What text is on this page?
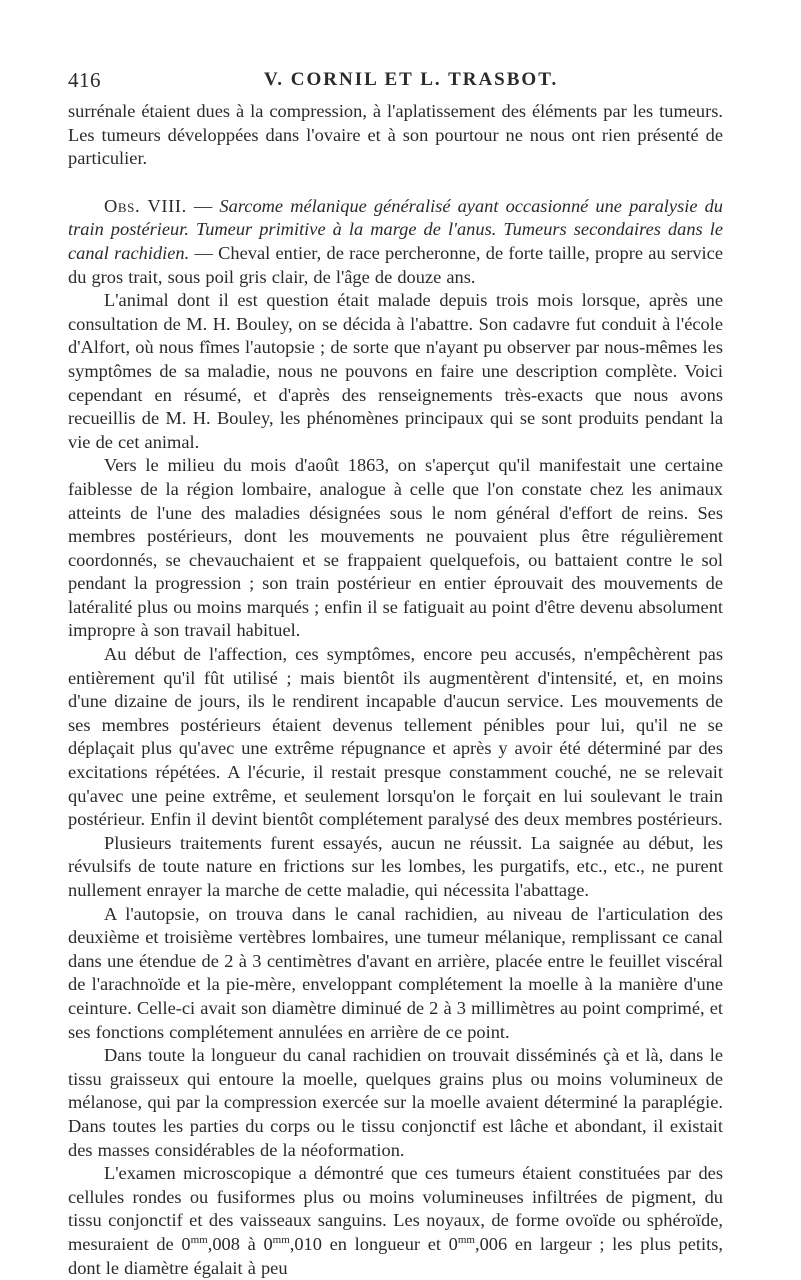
416	V. CORNIL ET L. TRASBOT.

surrénale étaient dues à la compression, à l'aplatissement des éléments par les tumeurs. Les tumeurs développées dans l'ovaire et à son pourtour ne nous ont rien présenté de particulier.

Obs. VIII. — Sarcome mélanique généralisé ayant occasionné une paralysie du train postérieur. Tumeur primitive à la marge de l'anus. Tumeurs secondaires dans le canal rachidien. — Cheval entier, de race percheronne, de forte taille, propre au service du gros trait, sous poil gris clair, de l'âge de douze ans.

L'animal dont il est question était malade depuis trois mois lorsque, après une consultation de M. H. Bouley, on se décida à l'abattre. Son cadavre fut conduit à l'école d'Alfort, où nous fîmes l'autopsie ; de sorte que n'ayant pu observer par nous-mêmes les symptômes de sa maladie, nous ne pouvons en faire une description complète. Voici cependant en résumé, et d'après des renseignements très-exacts que nous avons recueillis de M. H. Bouley, les phénomènes principaux qui se sont produits pendant la vie de cet animal.

Vers le milieu du mois d'août 1863, on s'aperçut qu'il manifestait une certaine faiblesse de la région lombaire, analogue à celle que l'on constate chez les animaux atteints de l'une des maladies désignées sous le nom général d'effort de reins. Ses membres postérieurs, dont les mouvements ne pouvaient plus être régulièrement coordonnés, se chevauchaient et se frappaient quelquefois, ou battaient contre le sol pendant la progression ; son train postérieur en entier éprouvait des mouvements de latéralité plus ou moins marqués ; enfin il se fatiguait au point d'être devenu absolument impropre à son travail habituel.

Au début de l'affection, ces symptômes, encore peu accusés, n'empêchèrent pas entièrement qu'il fût utilisé ; mais bientôt ils augmentèrent d'intensité, et, en moins d'une dizaine de jours, ils le rendirent incapable d'aucun service. Les mouvements de ses membres postérieurs étaient devenus tellement pénibles pour lui, qu'il ne se déplaçait plus qu'avec une extrême répugnance et après y avoir été déterminé par des excitations répétées. A l'écurie, il restait presque constamment couché, ne se relevait qu'avec une peine extrême, et seulement lorsqu'on le forçait en lui soulevant le train postérieur. Enfin il devint bientôt complétement paralysé des deux membres postérieurs.

Plusieurs traitements furent essayés, aucun ne réussit. La saignée au début, les révulsifs de toute nature en frictions sur les lombes, les purgatifs, etc., etc., ne purent nullement enrayer la marche de cette maladie, qui nécessita l'abattage.

A l'autopsie, on trouva dans le canal rachidien, au niveau de l'articulation des deuxième et troisième vertèbres lombaires, une tumeur mélanique, remplissant ce canal dans une étendue de 2 à 3 centimètres d'avant en arrière, placée entre le feuillet viscéral de l'arachnoïde et la pie-mère, enveloppant complétement la moelle à la manière d'une ceinture. Celle-ci avait son diamètre diminué de 2 à 3 millimètres au point comprimé, et ses fonctions complétement annulées en arrière de ce point.

Dans toute la longueur du canal rachidien on trouvait disséminés çà et là, dans le tissu graisseux qui entoure la moelle, quelques grains plus ou moins volumineux de mélanose, qui par la compression exercée sur la moelle avaient déterminé la paraplégie. Dans toutes les parties du corps ou le tissu conjonctif est lâche et abondant, il existait des masses considérables de la néoformation.

L'examen microscopique a démontré que ces tumeurs étaient constituées par des cellules rondes ou fusiformes plus ou moins volumineuses infiltrées de pigment, du tissu conjonctif et des vaisseaux sanguins. Les noyaux, de forme ovoïde ou sphéroïde, mesuraient de $0^{mm},008$ à $0^{mm},010$ en longueur et $0^{mm},006$ en largeur ; les plus petits, dont le diamètre égalait à peu
